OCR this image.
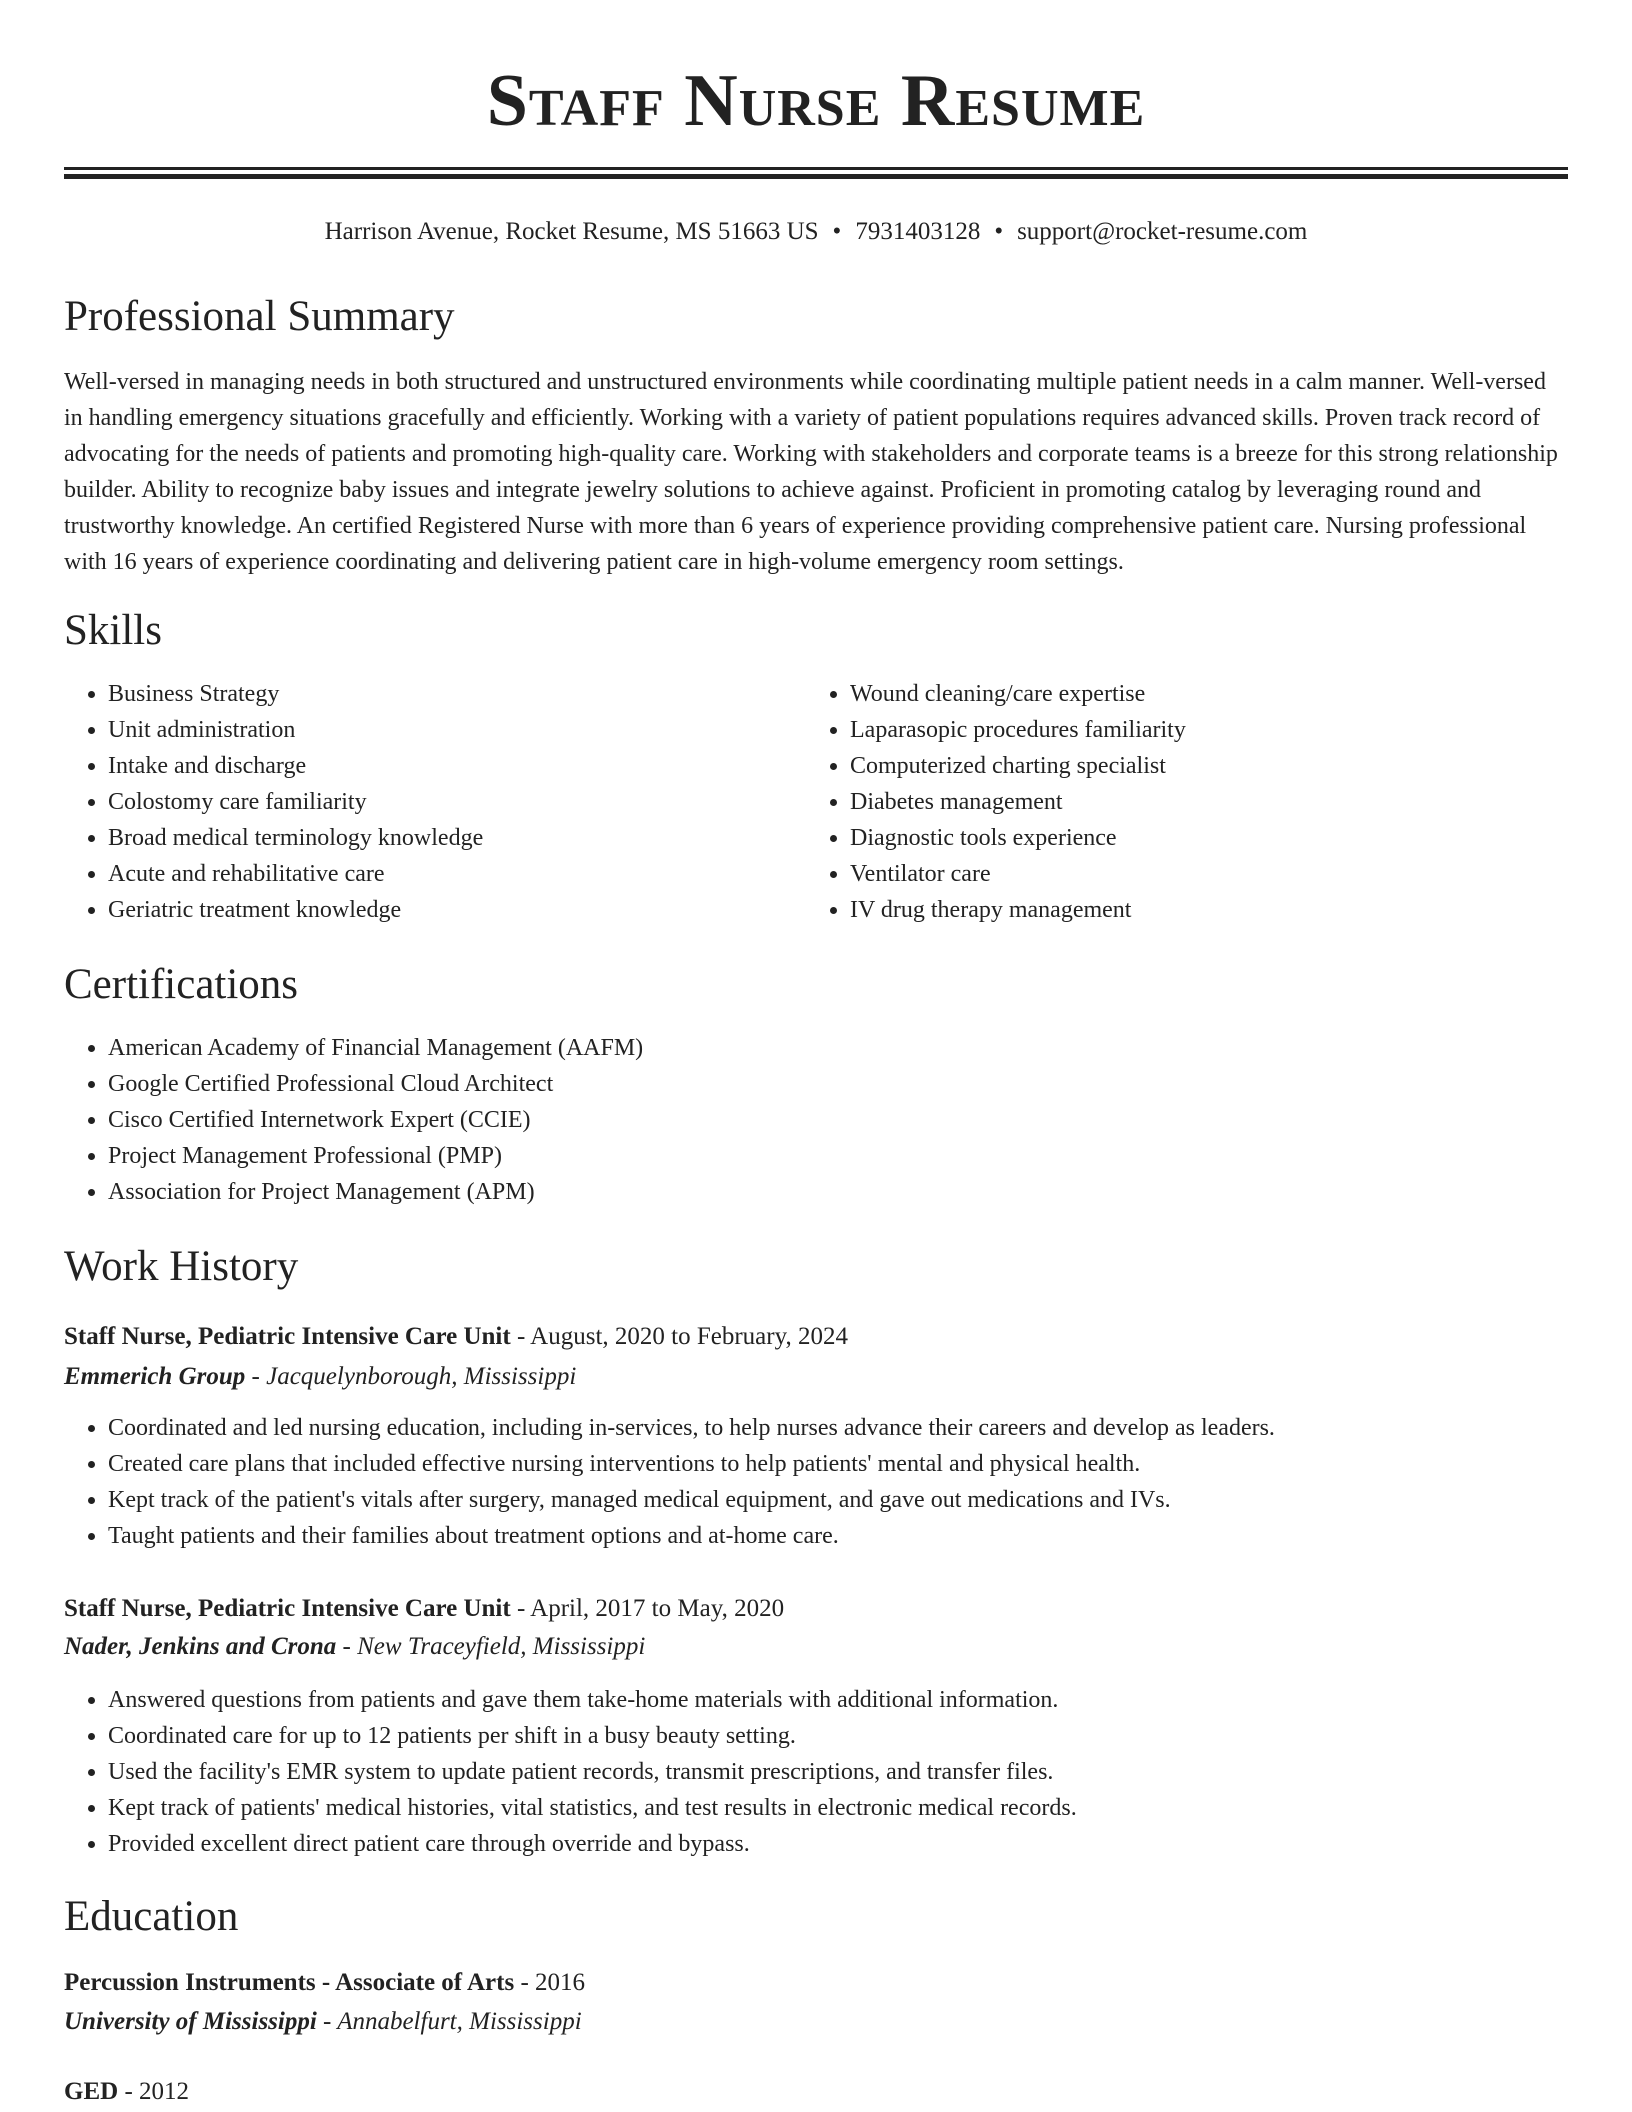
Staff Nurse Resume
Harrison Avenue, Rocket Resume, MS 51663 US • 7931403128 • support@rocket-resume.com
Professional Summary

Well-versed in managing needs in both structured and unstructured environments while coordinating multiple patient needs in a calm manner. Well-versed in handling emergency situations gracefully and efficiently. Working with a variety of patient populations requires advanced skills. Proven track record of advocating for the needs of patients and promoting high-quality care. Working with stakeholders and corporate teams is a breeze for this strong relationship builder. Ability to recognize baby issues and integrate jewelry solutions to achieve against. Proficient in promoting catalog by leveraging round and trustworthy knowledge. An certified Registered Nurse with more than 6 years of experience providing comprehensive patient care. Nursing professional with 16 years of experience coordinating and delivering patient care in high-volume emergency room settings.

Skills
• Business Strategy
• Unit administration
• Intake and discharge
• Colostomy care familiarity
• Broad medical terminology knowledge
• Acute and rehabilitative care
• Geriatric treatment knowledge
• Wound cleaning/care expertise
• Laparasopic procedures familiarity
• Computerized charting specialist
• Diabetes management
• Diagnostic tools experience
• Ventilator care
• IV drug therapy management
Certifications
• American Academy of Financial Management (AAFM)
• Google Certified Professional Cloud Architect
• Cisco Certified Internetwork Expert (CCIE)
• Project Management Professional (PMP)
• Association for Project Management (APM)
Work History
Staff Nurse, Pediatric Intensive Care Unit - August, 2020 to February, 2024
Emmerich Group - Jacquelynborough, Mississippi
• Coordinated and led nursing education, including in-services, to help nurses advance their careers and develop as leaders.
• Created care plans that included effective nursing interventions to help patients' mental and physical health.
• Kept track of the patient's vitals after surgery, managed medical equipment, and gave out medications and IVs.
• Taught patients and their families about treatment options and at-home care.
Staff Nurse, Pediatric Intensive Care Unit - April, 2017 to May, 2020
Nader, Jenkins and Crona - New Traceyfield, Mississippi
• Answered questions from patients and gave them take-home materials with additional information.
• Coordinated care for up to 12 patients per shift in a busy beauty setting.
• Used the facility's EMR system to update patient records, transmit prescriptions, and transfer files.
• Kept track of patients' medical histories, vital statistics, and test results in electronic medical records.
• Provided excellent direct patient care through override and bypass.
Education
Percussion Instruments - Associate of Arts - 2016
University of Mississippi - Annabelfurt, Mississippi
GED - 2012
